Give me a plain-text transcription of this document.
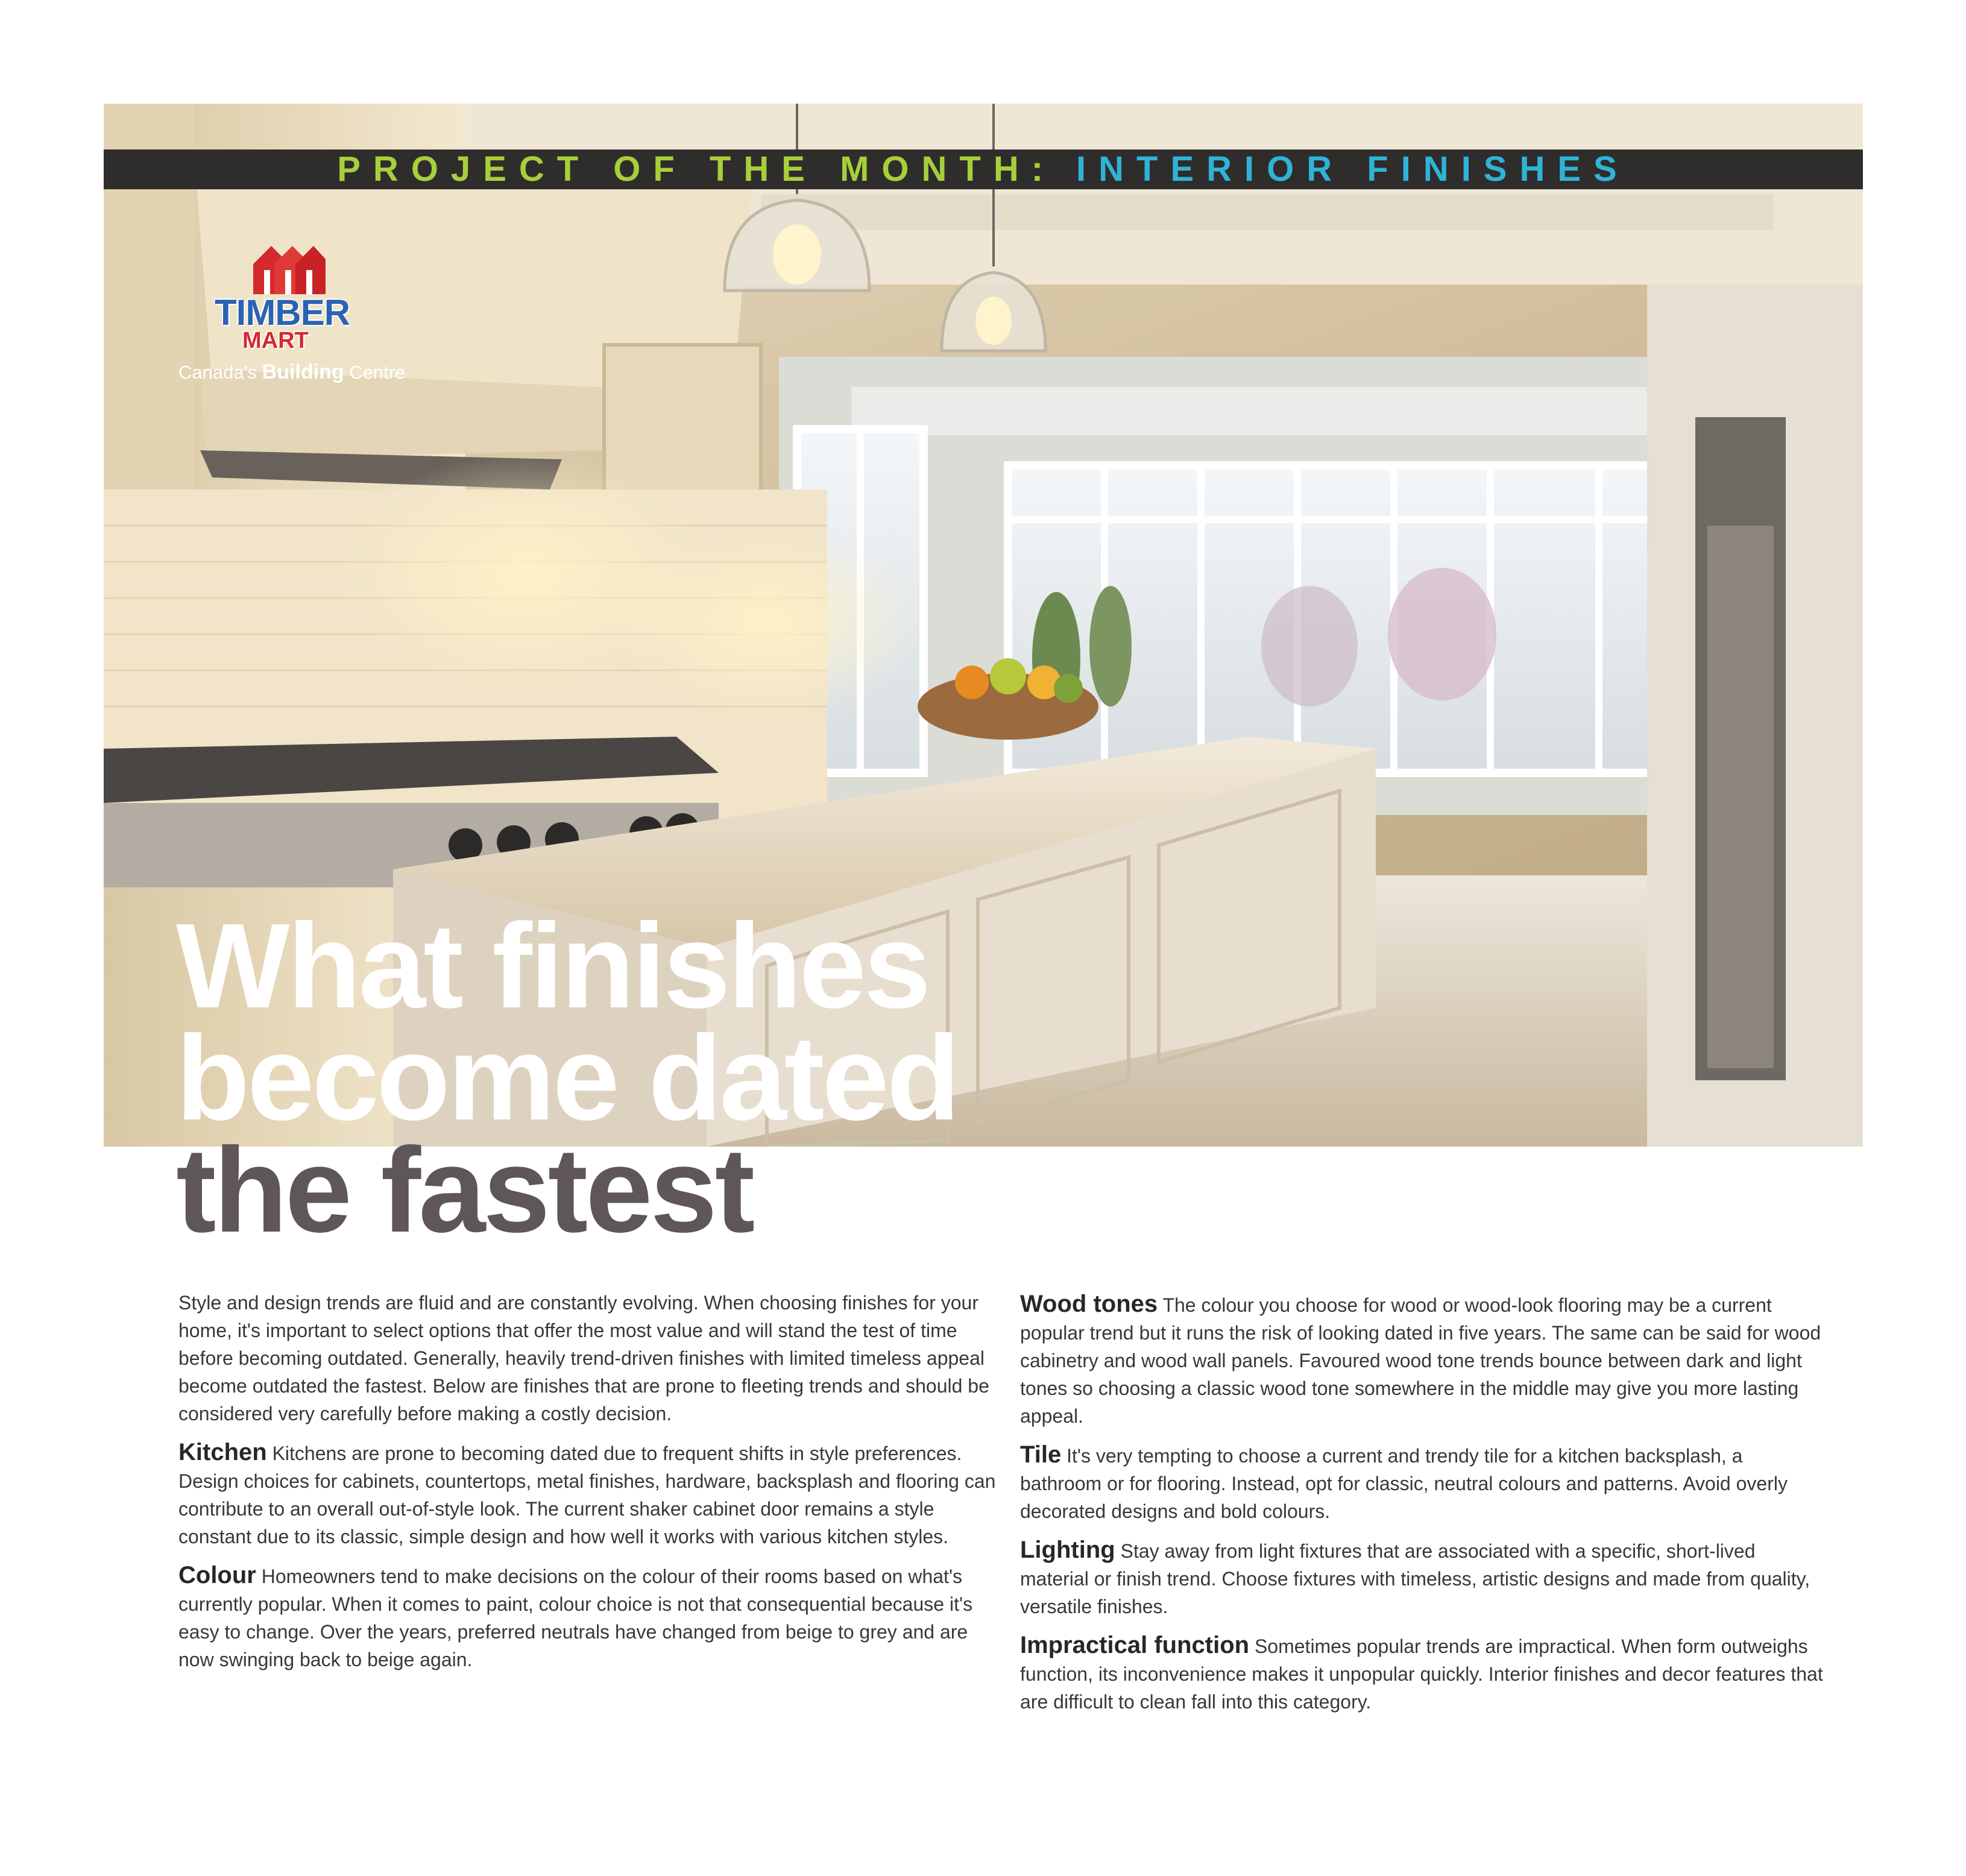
PROJECT OF THE MONTH: INTERIOR FINISHES
TIMBER
MART
Canada's Building Centre
What finishes
become dated
the fastest

Style and design trends are fluid and are constantly evolving. When choosing finishes for your home, it's important to select options that offer the most value and will stand the test of time before becoming outdated. Generally, heavily trend-driven finishes with limited timeless appeal become outdated the fastest. Below are finishes that are prone to fleeting trends and should be considered very carefully before making a costly decision.

Kitchen Kitchens are prone to becoming dated due to frequent shifts in style preferences. Design choices for cabinets, countertops, metal finishes, hardware, backsplash and flooring can contribute to an overall out-of-style look. The current shaker cabinet door remains a style constant due to its classic, simple design and how well it works with various kitchen styles.

Colour Homeowners tend to make decisions on the colour of their rooms based on what's currently popular. When it comes to paint, colour choice is not that consequential because it's easy to change. Over the years, preferred neutrals have changed from beige to grey and are now swinging back to beige again.

Wood tones The colour you choose for wood or wood-look flooring may be a current popular trend but it runs the risk of looking dated in five years. The same can be said for wood cabinetry and wood wall panels. Favoured wood tone trends bounce between dark and light tones so choosing a classic wood tone somewhere in the middle may give you more lasting appeal.

Tile It's very tempting to choose a current and trendy tile for a kitchen backsplash, a bathroom or for flooring. Instead, opt for classic, neutral colours and patterns. Avoid overly decorated designs and bold colours.

Lighting Stay away from light fixtures that are associated with a specific, short-lived material or finish trend. Choose fixtures with timeless, artistic designs and made from quality, versatile finishes.

Impractical function Sometimes popular trends are impractical. When form outweighs function, its inconvenience makes it unpopular quickly. Interior finishes and decor features that are difficult to clean fall into this category.
